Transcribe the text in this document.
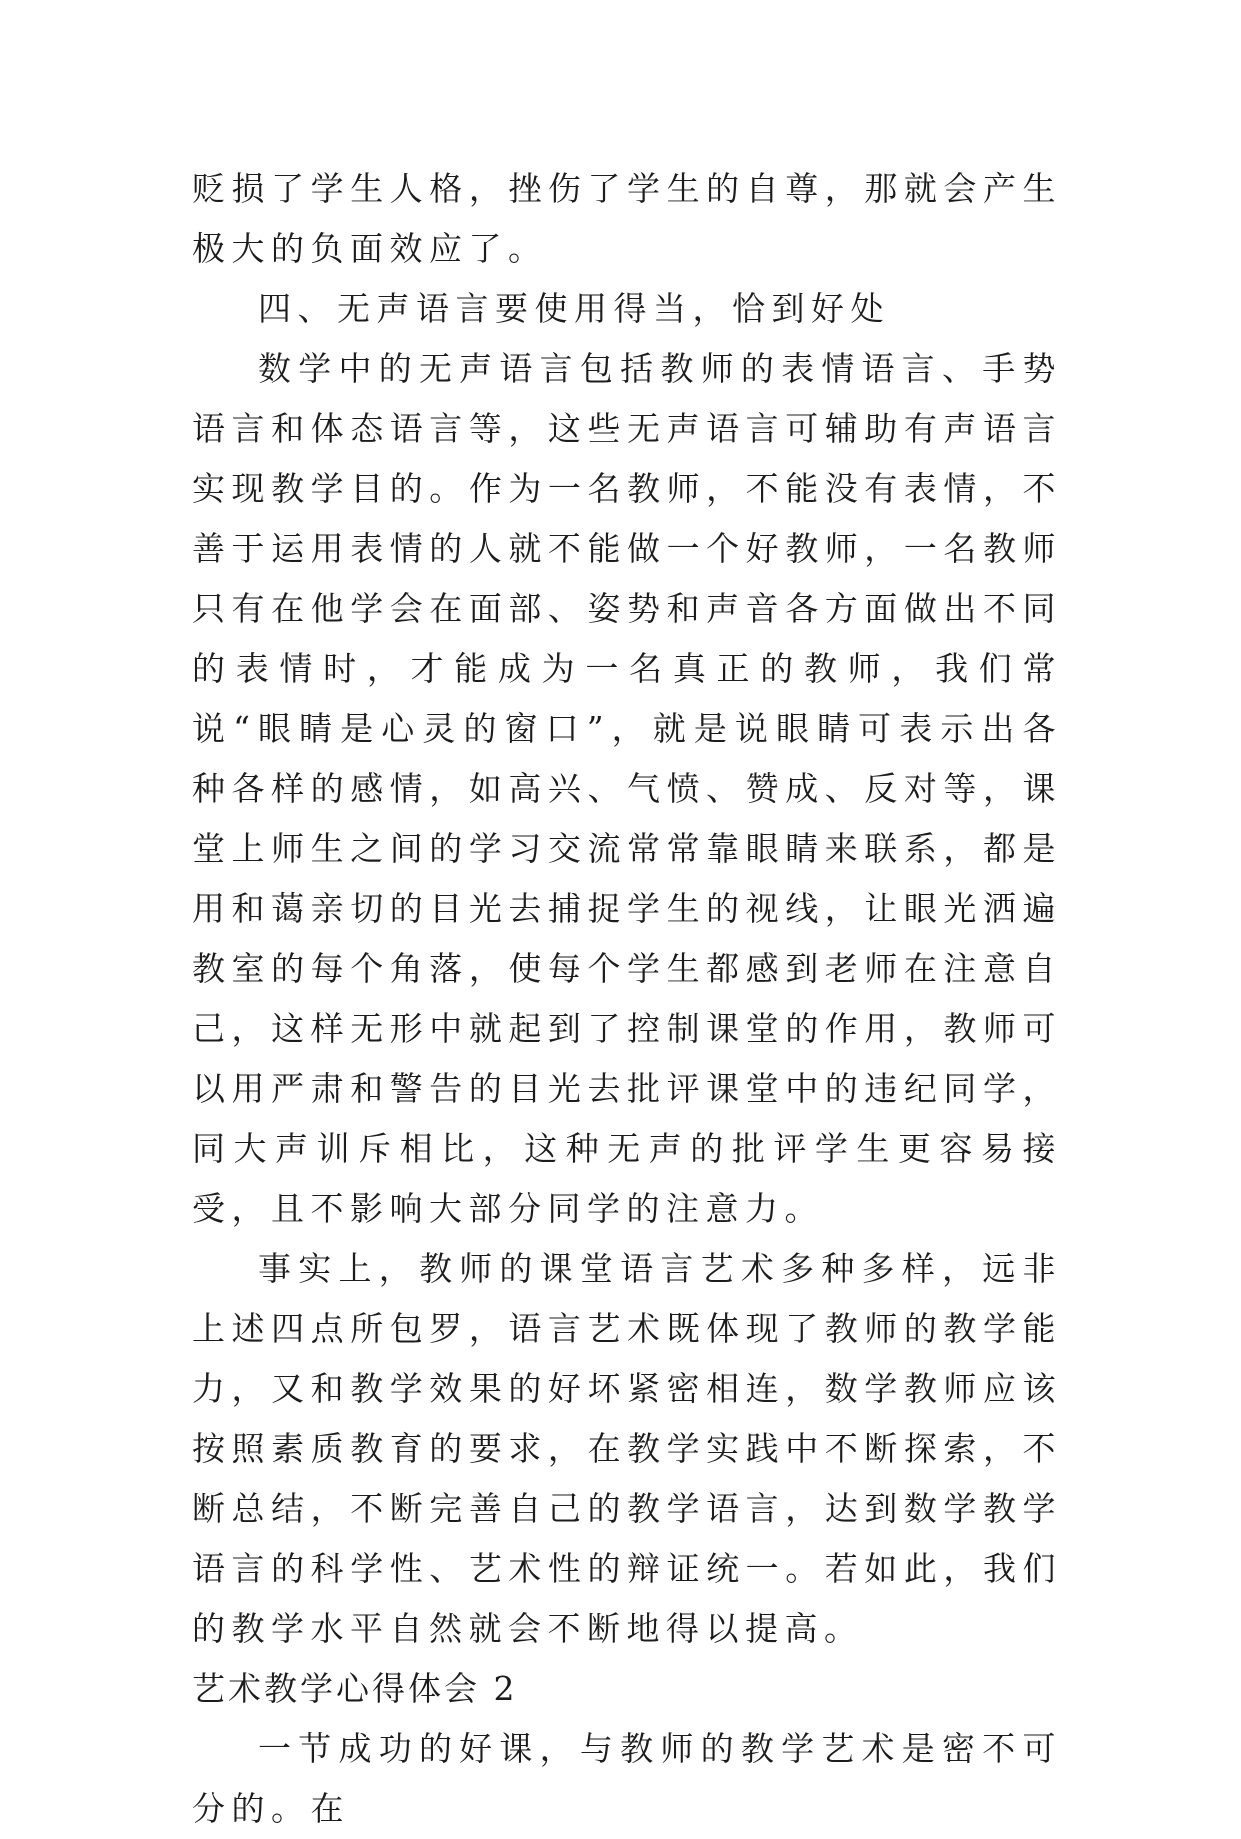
贬损了学生人格，挫伤了学生的自尊，那就会产生极大的负面效应了。

四、无声语言要使用得当，恰到好处

数学中的无声语言包括教师的表情语言、手势语言和体态语言等，这些无声语言可辅助有声语言实现教学目的。作为一名教师，不能没有表情，不善于运用表情的人就不能做一个好教师，一名教师只有在他学会在面部、姿势和声音各方面做出不同的表情时，才能成为一名真正的教师，我们常说“眼睛是心灵的窗口”，就是说眼睛可表示出各种各样的感情，如高兴、气愤、赞成、反对等，课堂上师生之间的学习交流常常靠眼睛来联系，都是用和蔼亲切的目光去捕捉学生的视线，让眼光洒遍教室的每个角落，使每个学生都感到老师在注意自己，这样无形中就起到了控制课堂的作用，教师可以用严肃和警告的目光去批评课堂中的违纪同学，同大声训斥相比，这种无声的批评学生更容易接受，且不影响大部分同学的注意力。

事实上，教师的课堂语言艺术多种多样，远非上述四点所包罗，语言艺术既体现了教师的教学能力，又和教学效果的好坏紧密相连，数学教师应该按照素质教育的要求，在教学实践中不断探索，不断总结，不断完善自己的教学语言，达到数学教学语言的科学性、艺术性的辩证统一。若如此，我们的教学水平自然就会不断地得以提高。

艺术教学心得体会 2

一节成功的好课，与教师的教学艺术是密不可分的。在
